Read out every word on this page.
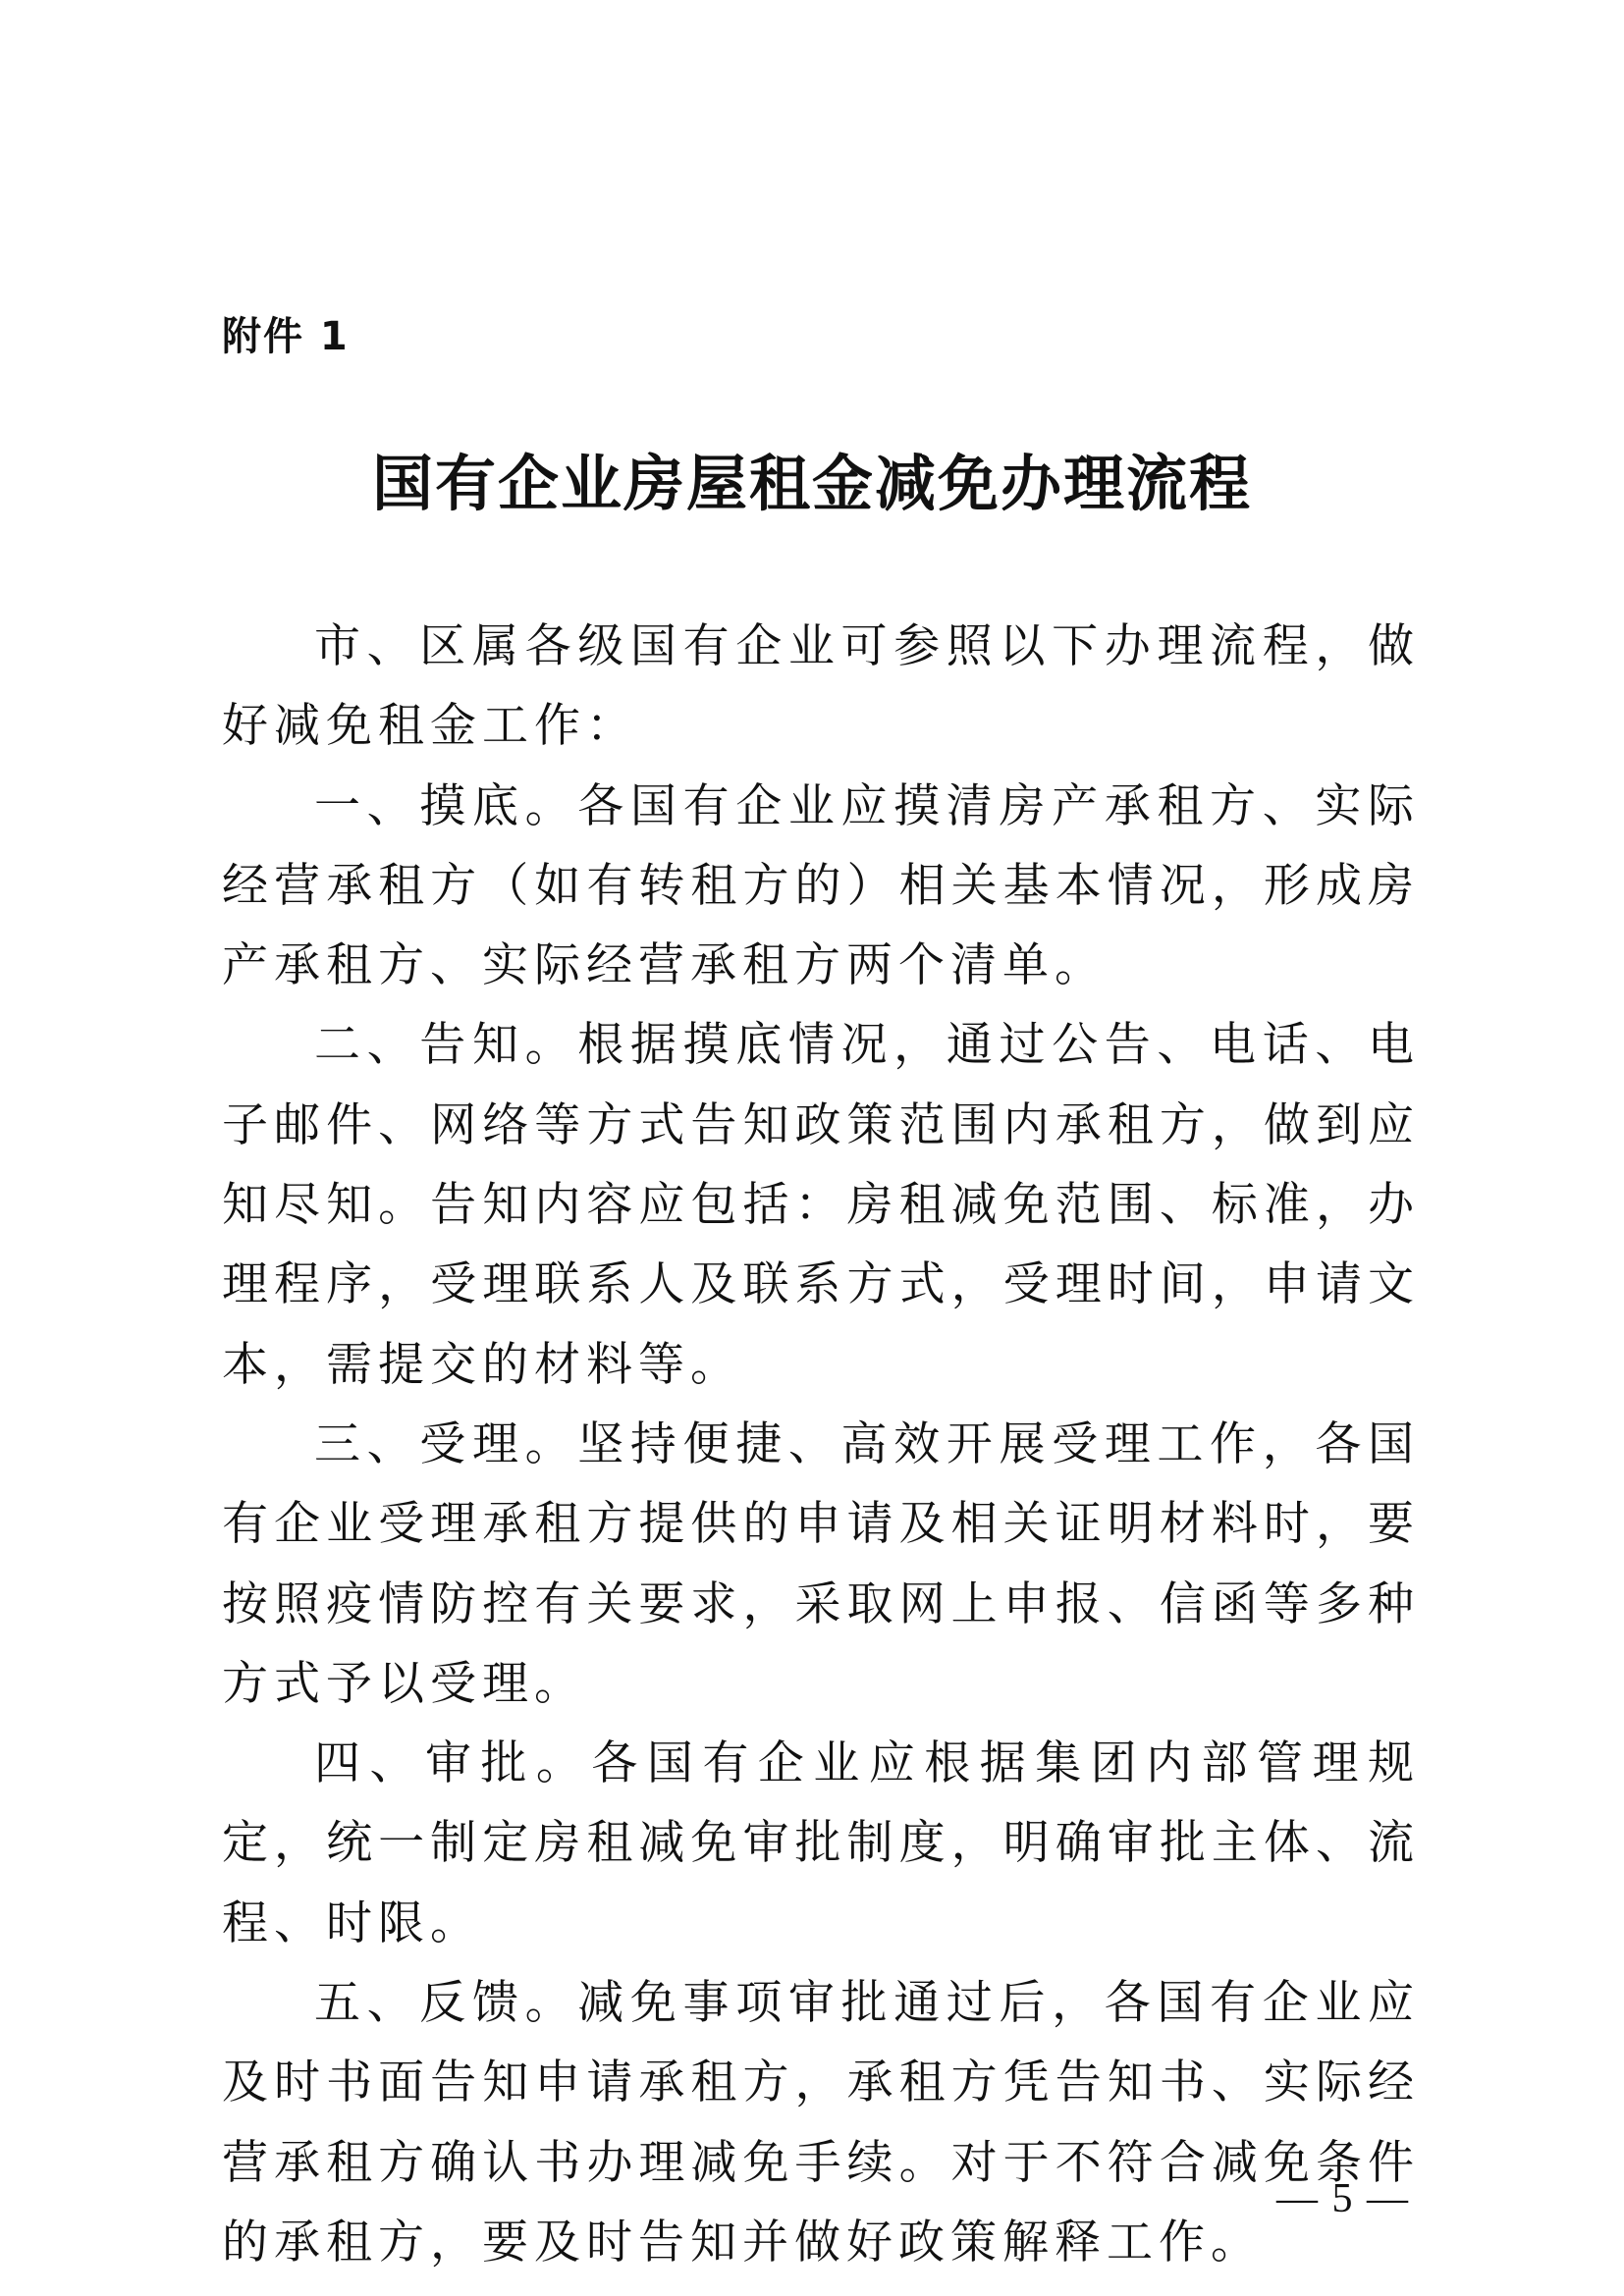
附件 1
国有企业房屋租金减免办理流程

市、区属各级国有企业可参照以下办理流程，做好减免租金工作：

一、摸底。各国有企业应摸清房产承租方、实际经营承租方（如有转租方的）相关基本情况，形成房产承租方、实际经营承租方两个清单。

二、告知。根据摸底情况，通过公告、电话、电子邮件、网络等方式告知政策范围内承租方，做到应知尽知。告知内容应包括：房租减免范围、标准，办理程序，受理联系人及联系方式，受理时间，申请文本，需提交的材料等。

三、受理。坚持便捷、高效开展受理工作，各国有企业受理承租方提供的申请及相关证明材料时，要按照疫情防控有关要求，采取网上申报、信函等多种方式予以受理。

四、审批。各国有企业应根据集团内部管理规定，统一制定房租减免审批制度，明确审批主体、流程、时限。

五、反馈。减免事项审批通过后，各国有企业应及时书面告知申请承租方，承租方凭告知书、实际经营承租方确认书办理减免手续。对于不符合减免条件的承租方，要及时告知并做好政策解释工作。

— 5 —
